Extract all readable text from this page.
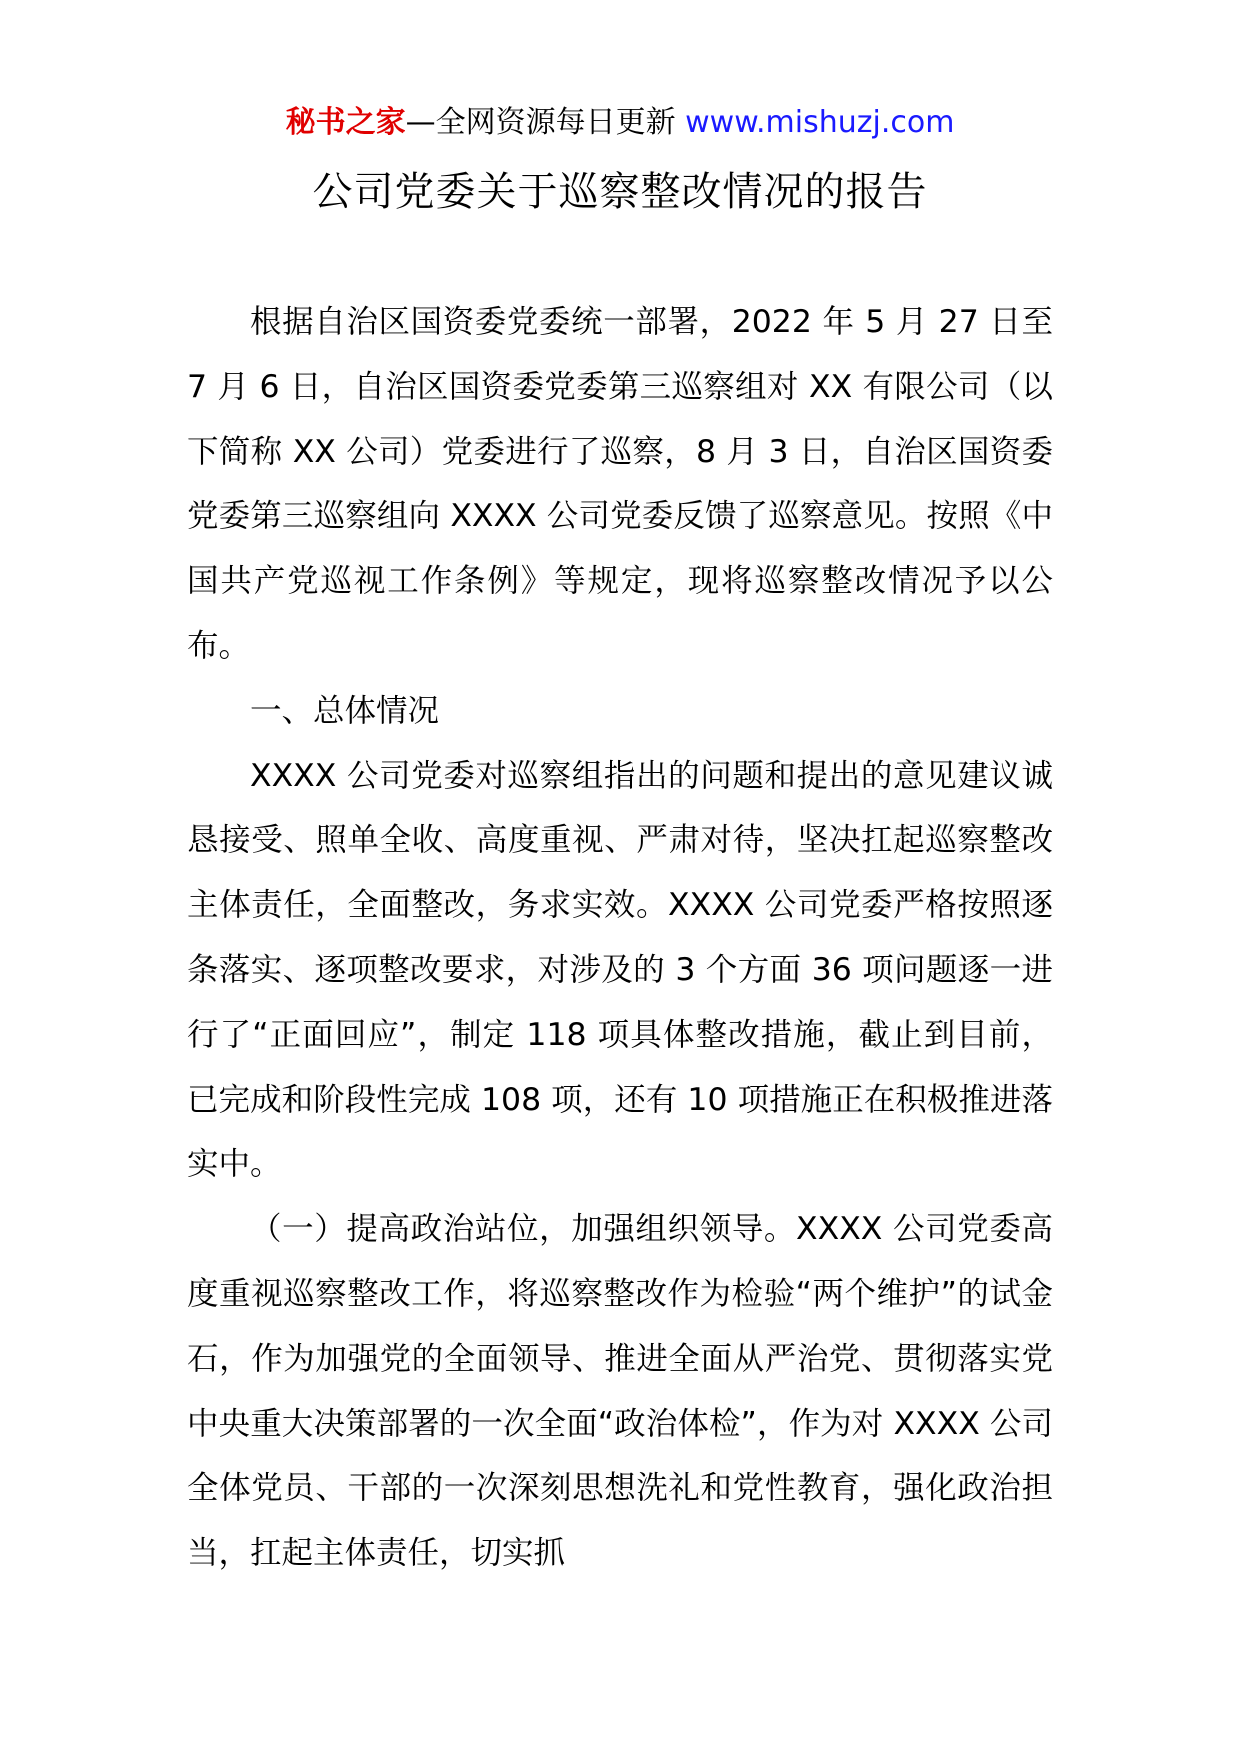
秘书之家—全网资源每日更新 www.mishuzj.com
公司党委关于巡察整改情况的报告

根据自治区国资委党委统一部署，2022 年 5 月 27 日至 7 月 6 日，自治区国资委党委第三巡察组对 XX 有限公司（以下简称 XX 公司）党委进行了巡察，8 月 3 日，自治区国资委党委第三巡察组向 XXXX 公司党委反馈了巡察意见。按照《中国共产党巡视工作条例》等规定，现将巡察整改情况予以公布。

一、总体情况

XXXX 公司党委对巡察组指出的问题和提出的意见建议诚恳接受、照单全收、高度重视、严肃对待，坚决扛起巡察整改主体责任，全面整改，务求实效。XXXX 公司党委严格按照逐条落实、逐项整改要求，对涉及的 3 个方面 36 项问题逐一进行了“正面回应”，制定 118 项具体整改措施，截止到目前，已完成和阶段性完成 108 项，还有 10 项措施正在积极推进落实中。

（一）提高政治站位，加强组织领导。XXXX 公司党委高度重视巡察整改工作，将巡察整改作为检验“两个维护”的试金石，作为加强党的全面领导、推进全面从严治党、贯彻落实党中央重大决策部署的一次全面“政治体检”，作为对 XXXX 公司全体党员、干部的一次深刻思想洗礼和党性教育，强化政治担当，扛起主体责任，切实抓
